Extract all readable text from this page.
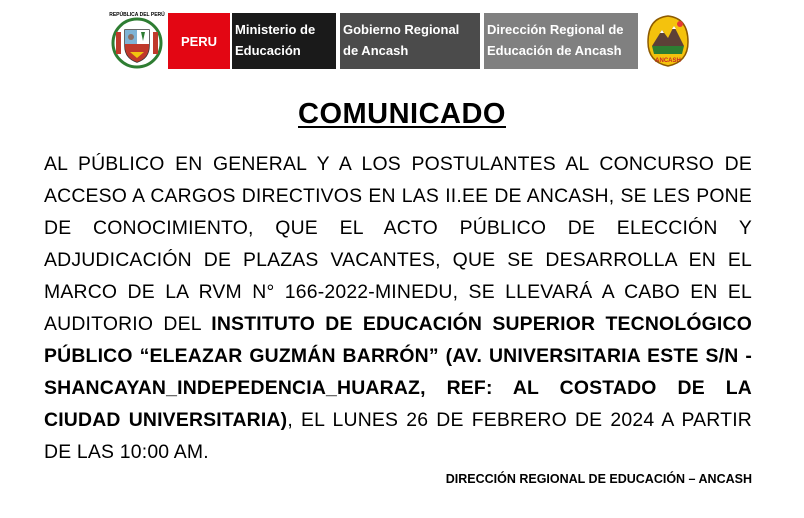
REPÚBLICA DEL PERÚ
PERU
Ministerio de
Educación
Gobierno Regional
de Ancash
Dirección Regional de
Educación de Ancash
ANCASH
COMUNICADO
AL PÚBLICO EN GENERAL Y A LOS POSTULANTES AL CONCURSO DE ACCESO A CARGOS DIRECTIVOS EN LAS II.EE DE ANCASH, SE LES PONE DE CONOCIMIENTO, QUE EL ACTO PÚBLICO DE ELECCIÓN Y ADJUDICACIÓN DE PLAZAS VACANTES, QUE SE DESARROLLA EN EL MARCO DE LA RVM N° 166-2022-MINEDU, SE LLEVARÁ A CABO EN EL AUDITORIO DEL INSTITUTO DE EDUCACIÓN SUPERIOR TECNOLÓGICO PÚBLICO “ELEAZAR GUZMÁN BARRÓN” (AV. UNIVERSITARIA ESTE S/N - SHANCAYAN_INDEPEDENCIA_HUARAZ, REF: AL COSTADO DE LA CIUDAD UNIVERSITARIA), EL LUNES 26 DE FEBRERO DE 2024 A PARTIR DE LAS 10:00 AM.
DIRECCIÓN REGIONAL DE EDUCACIÓN – ANCASH
